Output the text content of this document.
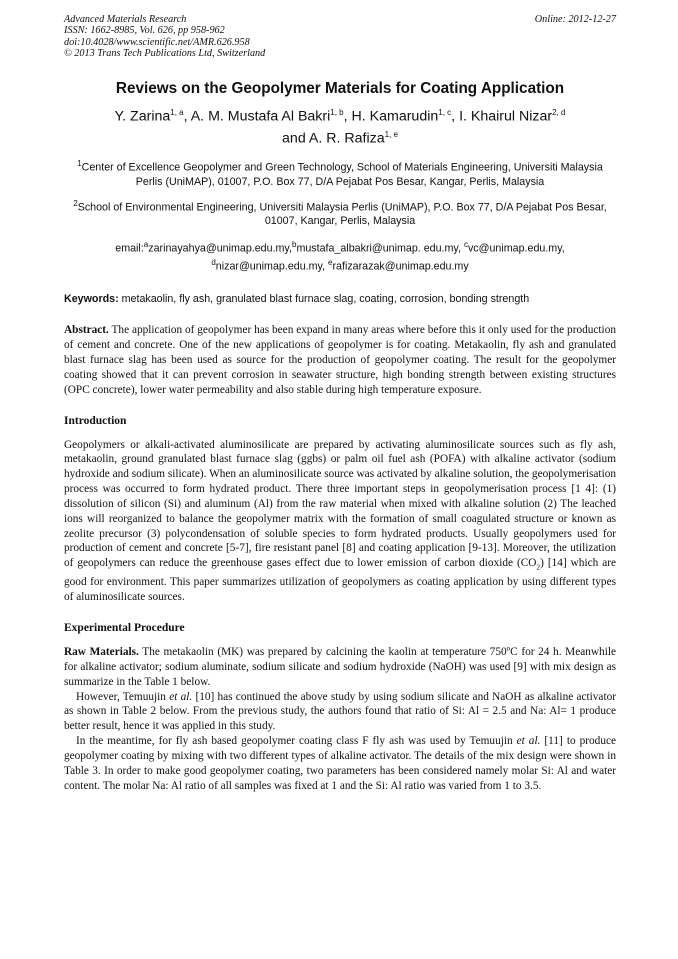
Advanced Materials Research
ISSN: 1662-8985, Vol. 626, pp 958-962
doi:10.4028/www.scientific.net/AMR.626.958
© 2013 Trans Tech Publications Ltd, Switzerland
Online: 2012-12-27
Reviews on the Geopolymer Materials for Coating Application
Y. Zarina$^{1, a}$, A. M. Mustafa Al Bakri$^{1, b}$, H. Kamarudin$^{1, c}$, I. Khairul Nizar$^{2, d}$
and A. R. Rafiza$^{1, e}$
$^1$Center of Excellence Geopolymer and Green Technology, School of Materials Engineering, Universiti Malaysia Perlis (UniMAP), 01007, P.O. Box 77, D/A Pejabat Pos Besar, Kangar, Perlis, Malaysia
$^2$School of Environmental Engineering, Universiti Malaysia Perlis (UniMAP), P.O. Box 77, D/A Pejabat Pos Besar, 01007, Kangar, Perlis, Malaysia
email:$^a$zarinayahya@unimap.edu.my,$^b$mustafa_albakri@unimap. edu.my, $^c$vc@unimap.edu.my,
$^d$nizar@unimap.edu.my, $^e$rafizarazak@unimap.edu.my
Keywords: metakaolin, fly ash, granulated blast furnace slag, coating, corrosion, bonding strength

Abstract. The application of geopolymer has been expand in many areas where before this it only used for the production of cement and concrete. One of the new applications of geopolymer is for coating. Metakaolin, fly ash and granulated blast furnace slag has been used as source for the production of geopolymer coating. The result for the geopolymer coating showed that it can prevent corrosion in seawater structure, high bonding strength between existing structures (OPC concrete), lower water permeability and also stable during high temperature exposure.

Introduction

Geopolymers or alkali-activated aluminosilicate are prepared by activating aluminosilicate sources such as fly ash, metakaolin, ground granulated blast furnace slag (ggbs) or palm oil fuel ash (POFA) with alkaline activator (sodium hydroxide and sodium silicate). When an aluminosilicate source was activated by alkaline solution, the geopolymerisation process was occurred to form hydrated product. There three important steps in geopolymerisation process [1 4]: (1) dissolution of silicon (Si) and aluminum (Al) from the raw material when mixed with alkaline solution (2) The leached ions will reorganized to balance the geopolymer matrix with the formation of small coagulated structure or known as zeolite precursor (3) polycondensation of soluble species to form hydrated products. Usually geopolymers used for production of cement and concrete [5-7], fire resistant panel [8] and coating application [9-13]. Moreover, the utilization of geopolymers can reduce the greenhouse gases effect due to lower emission of carbon dioxide $(CO_2)$ [14] which are good for environment. This paper summarizes utilization of geopolymers as coating application by using different types of aluminosilicate sources.

Experimental Procedure

Raw Materials. The metakaolin (MK) was prepared by calcining the kaolin at temperature 750ºC for 24 h. Meanwhile for alkaline activator; sodium aluminate, sodium silicate and sodium hydroxide (NaOH) was used [9] with mix design as summarize in the Table 1 below.

However, Temuujin et al. [10] has continued the above study by using sodium silicate and NaOH as alkaline activator as shown in Table 2 below. From the previous study, the authors found that ratio of Si: Al = 2.5 and Na: Al= 1 produce better result, hence it was applied in this study.

In the meantime, for fly ash based geopolymer coating class F fly ash was used by Temuujin et al. [11] to produce geopolymer coating by mixing with two different types of alkaline activator. The details of the mix design were shown in Table 3. In order to make good geopolymer coating, two parameters has been considered namely molar Si: Al and water content. The molar Na: Al ratio of all samples was fixed at 1 and the Si: Al ratio was varied from 1 to 3.5.
